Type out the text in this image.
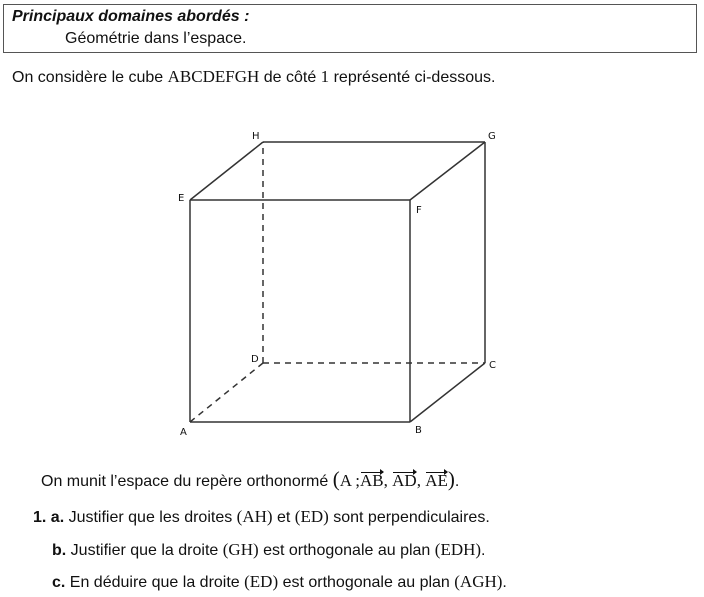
Principaux domaines abordés :
Géométrie dans l’espace.
On considère le cube ABCDEFGH de côté 1 représenté ci-dessous.
H	G
E
F
D
C
A	B
On munit l’espace du repère orthonormé (A ;AB, AD, AE).
1. a. Justifier que les droites (AH) et (ED) sont perpendiculaires.
b. Justifier que la droite (GH) est orthogonale au plan (EDH).
c. En déduire que la droite (ED) est orthogonale au plan (AGH).
